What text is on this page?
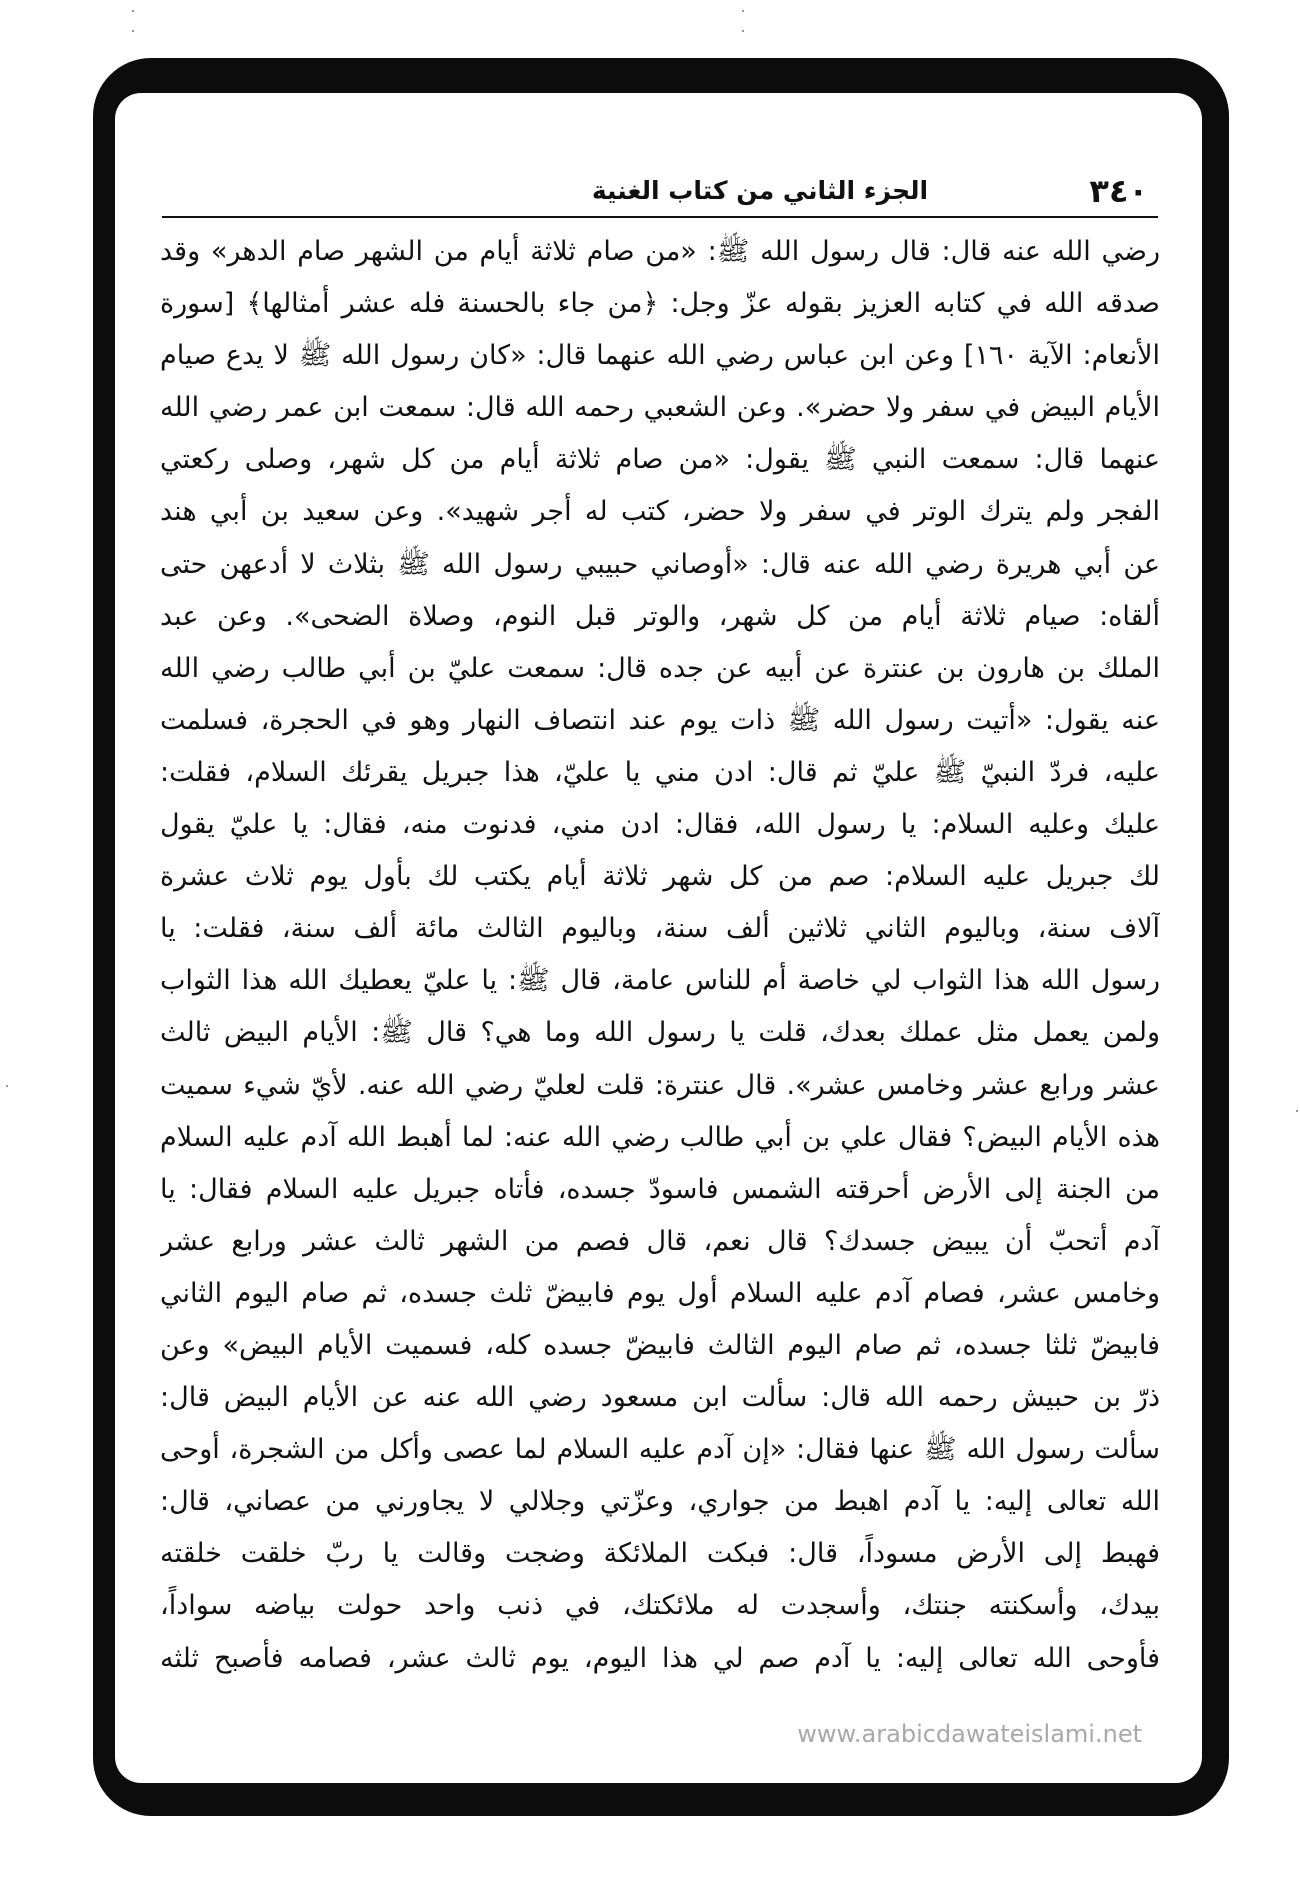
٣٤٠
الجزء الثاني من كتاب الغنية
رضي الله عنه قال: قال رسول الله ﷺ: «من صام ثلاثة أيام من الشهر صام الدهر» وقد
صدقه الله في كتابه العزيز بقوله عزّ وجل: ﴿من جاء بالحسنة فله عشر أمثالها﴾ [سورة
الأنعام: الآية ١٦٠] وعن ابن عباس رضي الله عنهما قال: «كان رسول الله ﷺ لا يدع صيام
الأيام البيض في سفر ولا حضر». وعن الشعبي رحمه الله قال: سمعت ابن عمر رضي الله
عنهما قال: سمعت النبي ﷺ يقول: «من صام ثلاثة أيام من كل شهر، وصلى ركعتي
الفجر ولم يترك الوتر في سفر ولا حضر، كتب له أجر شهيد». وعن سعيد بن أبي هند
عن أبي هريرة رضي الله عنه قال: «أوصاني حبيبي رسول الله ﷺ بثلاث لا أدعهن حتى
ألقاه: صيام ثلاثة أيام من كل شهر، والوتر قبل النوم، وصلاة الضحى». وعن عبد
الملك بن هارون بن عنترة عن أبيه عن جده قال: سمعت عليّ بن أبي طالب رضي الله
عنه يقول: «أتيت رسول الله ﷺ ذات يوم عند انتصاف النهار وهو في الحجرة، فسلمت
عليه، فردّ النبيّ ﷺ عليّ ثم قال: ادن مني يا عليّ، هذا جبريل يقرئك السلام، فقلت:
عليك وعليه السلام: يا رسول الله، فقال: ادن مني، فدنوت منه، فقال: يا عليّ يقول
لك جبريل عليه السلام: صم من كل شهر ثلاثة أيام يكتب لك بأول يوم ثلاث عشرة
آلاف سنة، وباليوم الثاني ثلاثين ألف سنة، وباليوم الثالث مائة ألف سنة، فقلت: يا
رسول الله هذا الثواب لي خاصة أم للناس عامة، قال ﷺ: يا عليّ يعطيك الله هذا الثواب
ولمن يعمل مثل عملك بعدك، قلت يا رسول الله وما هي؟ قال ﷺ: الأيام البيض ثالث
عشر ورابع عشر وخامس عشر». قال عنترة: قلت لعليّ رضي الله عنه. لأيّ شيء سميت
هذه الأيام البيض؟ فقال علي بن أبي طالب رضي الله عنه: لما أهبط الله آدم عليه السلام
من الجنة إلى الأرض أحرقته الشمس فاسودّ جسده، فأتاه جبريل عليه السلام فقال: يا
آدم أتحبّ أن يبيض جسدك؟ قال نعم، قال فصم من الشهر ثالث عشر ورابع عشر
وخامس عشر، فصام آدم عليه السلام أول يوم فابيضّ ثلث جسده، ثم صام اليوم الثاني
فابيضّ ثلثا جسده، ثم صام اليوم الثالث فابيضّ جسده كله، فسميت الأيام البيض» وعن
ذرّ بن حبيش رحمه الله قال: سألت ابن مسعود رضي الله عنه عن الأيام البيض قال:
سألت رسول الله ﷺ عنها فقال: «إن آدم عليه السلام لما عصى وأكل من الشجرة، أوحى
الله تعالى إليه: يا آدم اهبط من جواري، وعزّتي وجلالي لا يجاورني من عصاني، قال:
فهبط إلى الأرض مسوداً، قال: فبكت الملائكة وضجت وقالت يا ربّ خلقت خلقته
بيدك، وأسكنته جنتك، وأسجدت له ملائكتك، في ذنب واحد حولت بياضه سواداً،
فأوحى الله تعالى إليه: يا آدم صم لي هذا اليوم، يوم ثالث عشر، فصامه فأصبح ثلثه
www.arabicdawateislami.net
